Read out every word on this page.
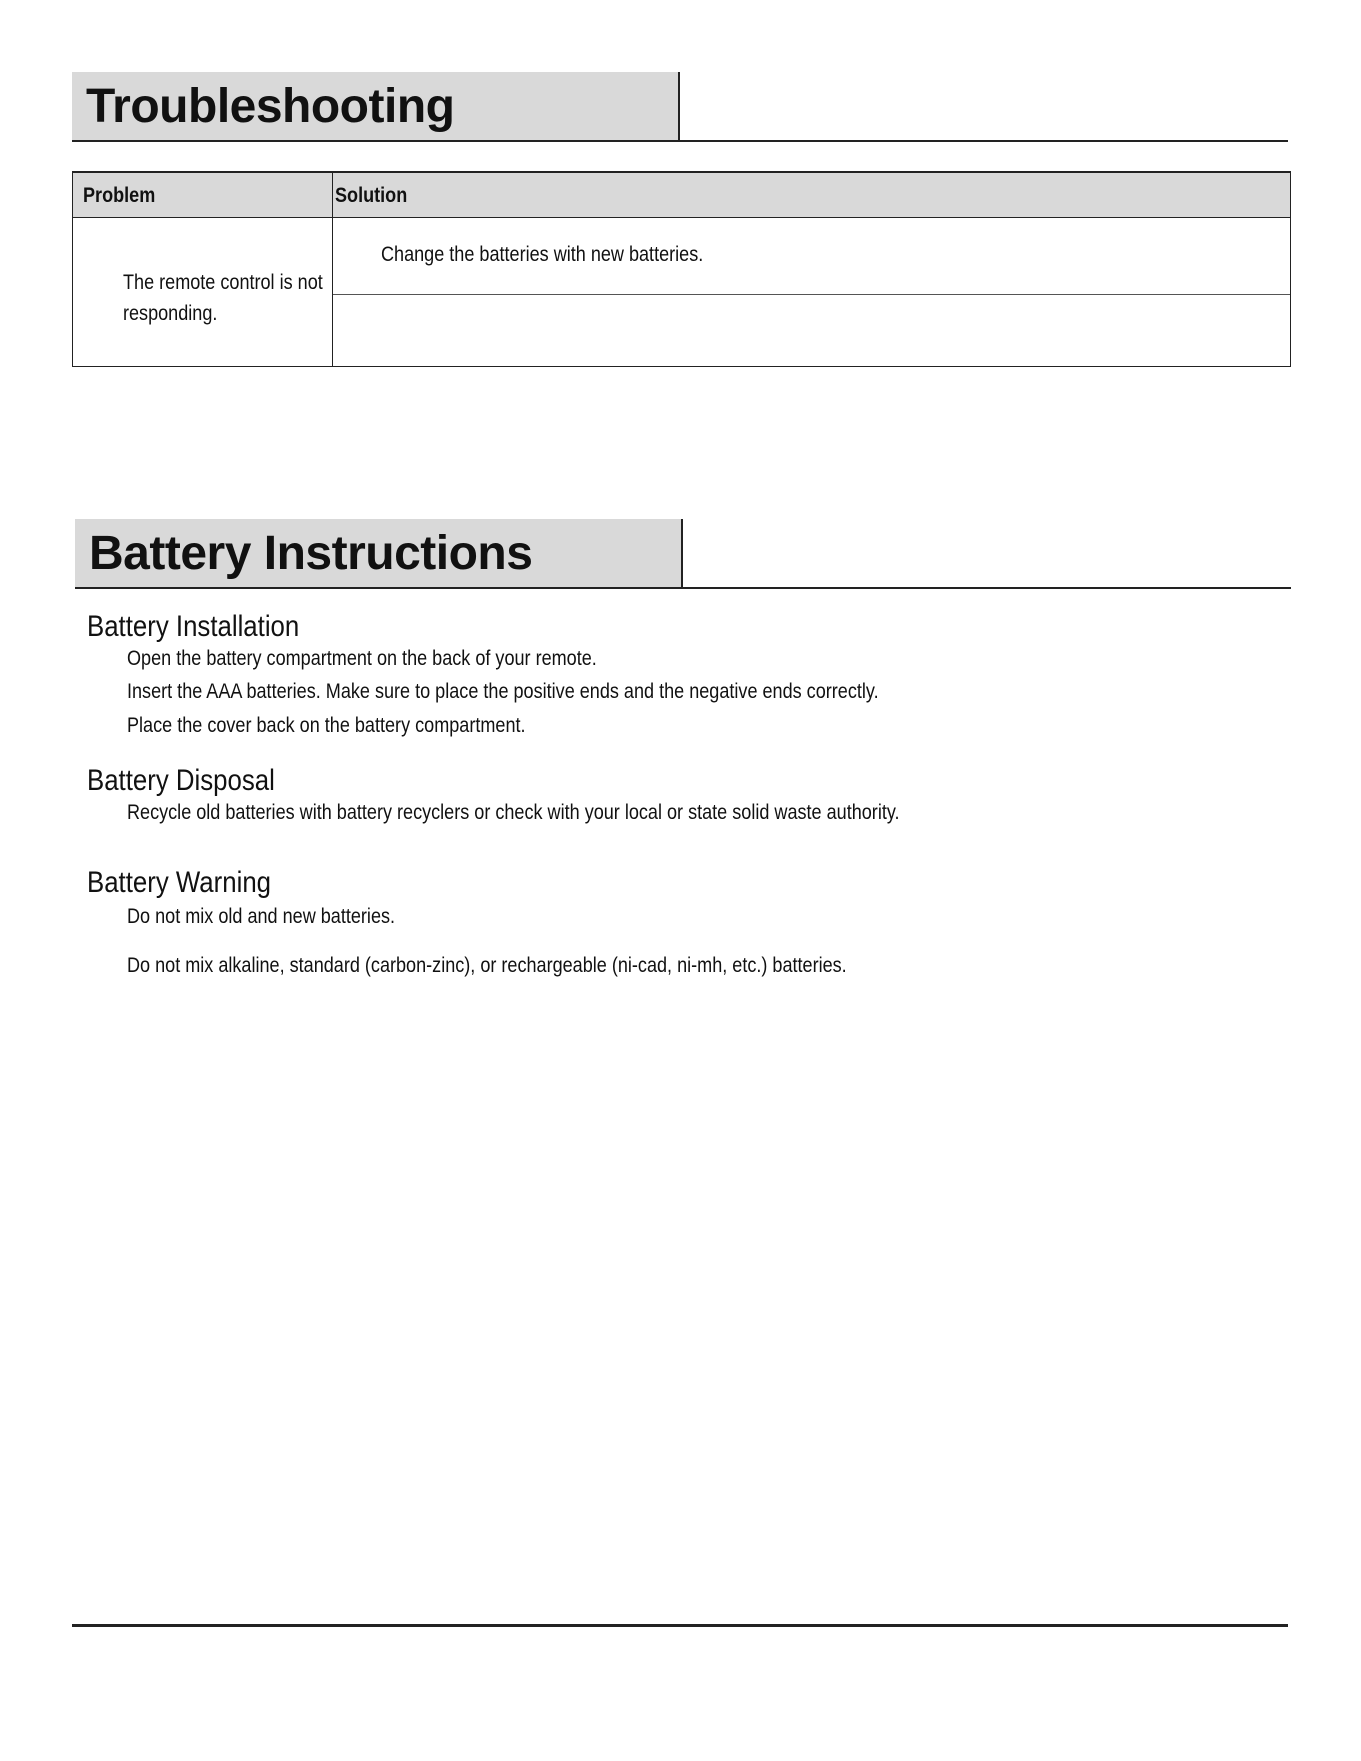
Troubleshooting
Problem	Solution
The remote control is not responding.
Change the batteries with new batteries.
Battery Instructions
Battery Installation
Open the battery compartment on the back of your remote.
Insert the AAA batteries. Make sure to place the positive ends and the negative ends correctly.
Place the cover back on the battery compartment.
Battery Disposal
Recycle old batteries with battery recyclers or check with your local or state solid waste authority.
Battery Warning
Do not mix old and new batteries.
Do not mix alkaline, standard (carbon-zinc), or rechargeable (ni-cad, ni-mh, etc.) batteries.
